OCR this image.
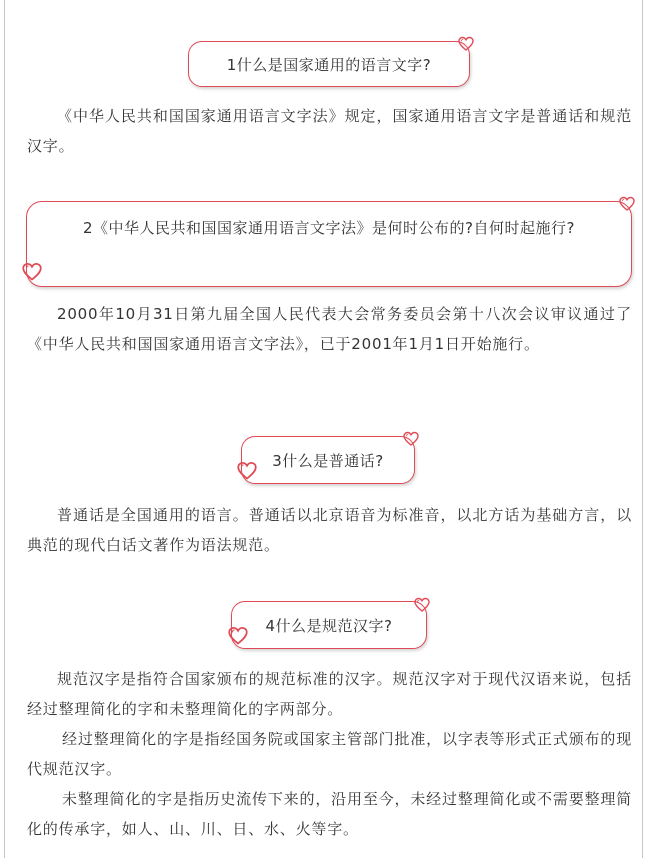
1什么是国家通用的语言文字?

《中华人民共和国国家通用语言文字法》规定，国家通用语言文字是普通话和规范汉字。

2《中华人民共和国国家通用语言文字法》是何时公布的?自何时起施行?

2000年10月31日第九届全国人民代表大会常务委员会第十八次会议审议通过了《中华人民共和国国家通用语言文字法》，已于2001年1月1日开始施行。

3什么是普通话?

普通话是全国通用的语言。普通话以北京语音为标准音，以北方话为基础方言，以典范的现代白话文著作为语法规范。

4什么是规范汉字?

规范汉字是指符合国家颁布的规范标准的汉字。规范汉字对于现代汉语来说，包括经过整理简化的字和未整理简化的字两部分。

经过整理简化的字是指经国务院或国家主管部门批准，以字表等形式正式颁布的现代规范汉字。

未整理简化的字是指历史流传下来的，沿用至今，未经过整理简化或不需要整理简化的传承字，如人、山、川、日、水、火等字。
